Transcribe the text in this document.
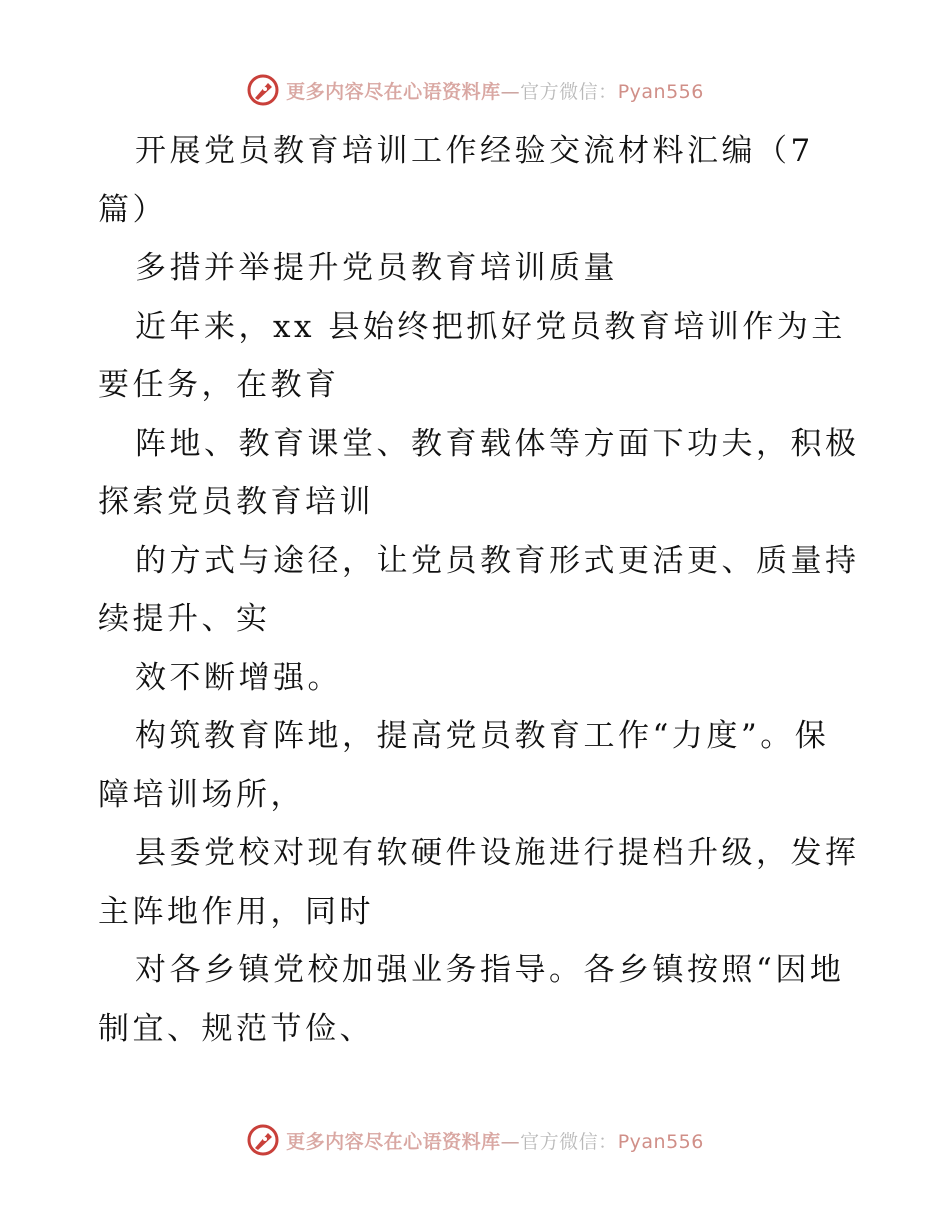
更多内容尽在心语资料库—官方微信：Pyan556

开展党员教育培训工作经验交流材料汇编（7

篇）

多措并举提升党员教育培训质量

近年来，xx 县始终把抓好党员教育培训作为主

要任务，在教育

阵地、教育课堂、教育载体等方面下功夫，积极

探索党员教育培训

的方式与途径，让党员教育形式更活更、质量持

续提升、实

效不断增强。

构筑教育阵地，提高党员教育工作“力度”。保

障培训场所，

县委党校对现有软硬件设施进行提档升级，发挥

主阵地作用，同时

对各乡镇党校加强业务指导。各乡镇按照“因地

制宜、规范节俭、

更多内容尽在心语资料库—官方微信：Pyan556
